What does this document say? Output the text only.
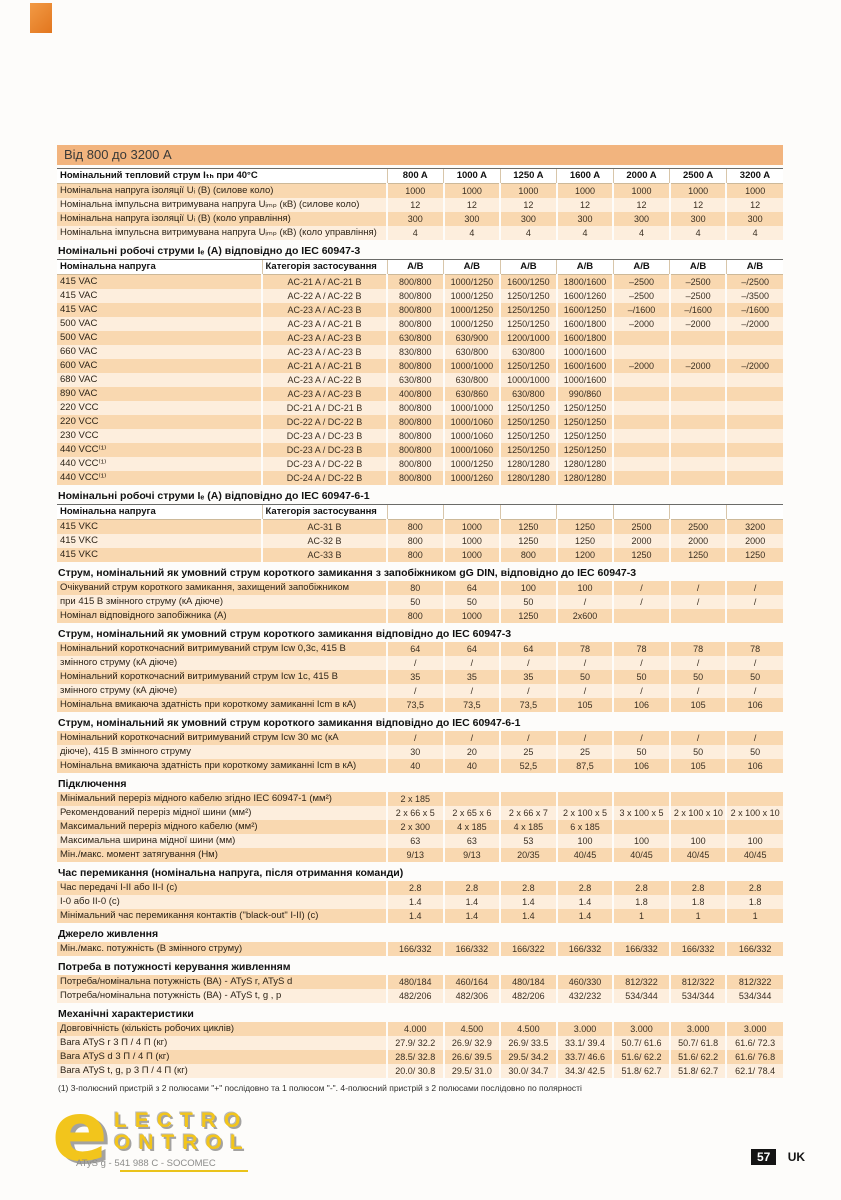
Від 800 до 3200 А
Номінальний тепловий струм Iₜₕ при 40°C	800 A	1000 A	1250 A	1600 A	2000 A	2500 A	3200 A
Номінальна напруга ізоляції Uᵢ (В) (силове коло)	1000	1000	1000	1000	1000	1000	1000
Номінальна імпульсна витримувана напруга Uᵢₘₚ (кВ) (силове коло)	12	12	12	12	12	12	12
Номінальна напруга ізоляції Uᵢ (В) (коло управління)	300	300	300	300	300	300	300
Номінальна імпульсна витримувана напруга Uᵢₘₚ (кВ) (коло управління)	4	4	4	4	4	4	4
Номінальні робочі струми Iₑ (А) відповідно до IEC 60947-3
Номінальна напруга	Категорія застосування	A/B	A/B	A/B	A/B	A/B	A/B	A/B
415 VAC	AC-21 A / AC-21 B	800/800	1000/1250	1600/1250	1800/1600	–2500	–2500	–/2500
415 VAC	AC-22 A / AC-22 B	800/800	1000/1250	1250/1250	1600/1260	–2500	–2500	–/3500
415 VAC	AC-23 A / AC-23 B	800/800	1000/1250	1250/1250	1600/1250	–/1600	–/1600	–/1600
500 VAC	AC-23 A / AC-21 B	800/800	1000/1250	1250/1250	1600/1800	–2000	–2000	–/2000
500 VAC	AC-23 A / AC-23 B	630/800	630/900	1200/1000	1600/1800			
660 VAC	AC-23 A / AC-23 B	830/800	630/800	630/800	1000/1600			
600 VAC	AC-21 A / AC-21 B	800/800	1000/1000	1250/1250	1600/1600	–2000	–2000	–/2000
680 VAC	AC-23 A / AC-22 B	630/800	630/800	1000/1000	1000/1600			
890 VAC	AC-23 A / AC-23 B	400/800	630/860	630/800	990/860			
220 VCC	DC-21 A / DC-21 B	800/800	1000/1000	1250/1250	1250/1250			
220 VCC	DC-22 A / DC-22 B	800/800	1000/1060	1250/1250	1250/1250			
230 VCC	DC-23 A / DC-23 B	800/800	1000/1060	1250/1250	1250/1250			
440 VCC⁽¹⁾	DC-23 A / DC-23 B	800/800	1000/1060	1250/1250	1250/1250			
440 VCC⁽¹⁾	DC-23 A / DC-22 B	800/800	1000/1250	1280/1280	1280/1280			
440 VCC⁽¹⁾	DC-24 A / DC-22 B	800/800	1000/1260	1280/1280	1280/1280			
Номінальні робочі струми Iₑ (А) відповідно до IEC 60947-6-1
Номінальна напруга	Категорія застосування							
415 VKC	AC-31 B	800	1000	1250	1250	2500	2500	3200
415 VKC	AC-32 B	800	1000	1250	1250	2000	2000	2000
415 VKC	AC-33 B	800	1000	800	1200	1250	1250	1250
Струм, номінальний як умовний струм короткого замикання з запобіжником gG DIN, відповідно до IEC 60947-3
Очікуваний струм короткого замикання, захищений запобіжником	80	64	100	100	/	/	/
при 415 В змінного струму (кА діюче)	50	50	50	/	/	/	/
Номінал відповідного запобіжника (А)	800	1000	1250	2x600			
Струм, номінальний як умовний струм короткого замикання відповідно до IEC 60947-3
Номінальний короткочасний витримуваний струм Icw 0,3с, 415 В	64	64	64	78	78	78	78
змінного струму (кА діюче)	/	/	/	/	/	/	/
Номінальний короткочасний витримуваний струм Icw 1с, 415 В	35	35	35	50	50	50	50
змінного струму (кА діюче)	/	/	/	/	/	/	/
Номінальна вмикаюча здатність при короткому замиканні Icm в кА)	73,5	73,5	73,5	105	106	105	106
Струм, номінальний як умовний струм короткого замикання відповідно до IEC 60947-6-1
Номінальний короткочасний витримуваний струм Icw 30 мс (кА	/	/	/	/	/	/	/
діюче), 415 В змінного струму	30	20	25	25	50	50	50
Номінальна вмикаюча здатність при короткому замиканні Icm в кА)	40	40	52,5	87,5	106	105	106
Підключення
Мінімальний переріз мідного кабелю згідно IEC 60947-1 (мм²)	2 x 185						
Рекомендований переріз мідної шини (мм²)	2 x 66 x 5	2 x 65 x 6	2 x 66 x 7	2 x 100 x 5	3 x 100 x 5	2 x 100 x 10	2 x 100 x 10
Максимальний переріз мідного кабелю (мм²)	2 x 300	4 x 185	4 x 185	6 x 185			
Максимальна ширина мідної шини (мм)	63	63	53	100	100	100	100
Мін./макс. момент затягування (Нм)	9/13	9/13	20/35	40/45	40/45	40/45	40/45
Час перемикання (номінальна напруга, після отримання команди)
Час передачі I-II або II-I (с)	2.8	2.8	2.8	2.8	2.8	2.8	2.8
I-0 або II-0 (с)	1.4	1.4	1.4	1.4	1.8	1.8	1.8
Мінімальний час перемикання контактів ("black-out" I-II) (с)	1.4	1.4	1.4	1.4	1	1	1
Джерело живлення
Мін./макс. потужність (В змінного струму)	166/332	166/332	166/322	166/332	166/332	166/332	166/332
Потреба в потужності керування живленням
Потреба/номінальна потужність (ВА) - ATyS r, ATyS d	480/184	460/164	480/184	460/330	812/322	812/322	812/322
Потреба/номінальна потужність (ВА) - ATyS t, g , p	482/206	482/306	482/206	432/232	534/344	534/344	534/344
Механічні характеристики
Довговічність (кількість робочих циклів)	4.000	4.500	4.500	3.000	3.000	3.000	3.000
Вага ATyS r 3 П / 4 П (кг)	27.9/ 32.2	26.9/ 32.9	26.9/ 33.5	33.1/ 39.4	50.7/ 61.6	50.7/ 61.8	61.6/ 72.3
Вага ATyS d 3 П / 4 П (кг)	28.5/ 32.8	26.6/ 39.5	29.5/ 34.2	33.7/ 46.6	51.6/ 62.2	51.6/ 62.2	61.6/ 76.8
Вага ATyS t, g, p 3 П / 4 П (кг)	20.0/ 30.8	29.5/ 31.0	30.0/ 34.7	34.3/ 42.5	51.8/ 62.7	51.8/ 62.7	62.1/ 78.4
(1) 3-полюсний пристрій з 2 полюсами "+" послідовно та 1 полюсом "-". 4-полюсний пристрій з 2 полюсами послідовно по полярності
e LECTRO
ONTROL
ATyS g - 541 988 C - SOCOMEC	57 UK
